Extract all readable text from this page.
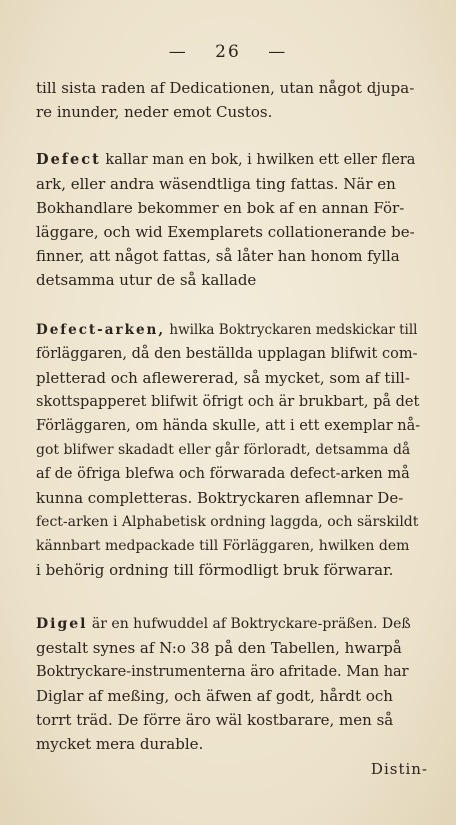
— 26 —
till sista raden af Dedicationen, utan något djupa-
re inunder, neder emot Custos.
Defect kallar man en bok, i hwilken ett eller flera
ark, eller andra wäsendtliga ting fattas. När en
Bokhandlare bekommer en bok af en annan För-
läggare, och wid Exemplarets collationerande be-
finner, att något fattas, så låter han honom fylla
detsamma utur de så kallade
Defect-arken, hwilka Boktryckaren medskickar till
förläggaren, då den beställda upplagan blifwit com-
pletterad och aflewererad, så mycket, som af till-
skottspapperet blifwit öfrigt och är brukbart, på det
Förläggaren, om hända skulle, att i ett exemplar nå-
got blifwer skadadt eller går förloradt, detsamma då
af de öfriga blefwa och förwarada defect-arken må
kunna completteras. Boktryckaren aflemnar De-
fect-arken i Alphabetisk ordning laggda, och särskildt
kännbart medpackade till Förläggaren, hwilken dem
i behörig ordning till förmodligt bruk förwarar.
Digel är en hufwuddel af Boktryckare-präßen. Deß
gestalt synes af N:o 38 på den Tabellen, hwarpå
Boktryckare-instrumenterna äro afritade. Man har
Diglar af meßing, och äfwen af godt, hårdt och
torrt träd. De förre äro wäl kostbarare, men så
mycket mera durable.
Distin-
